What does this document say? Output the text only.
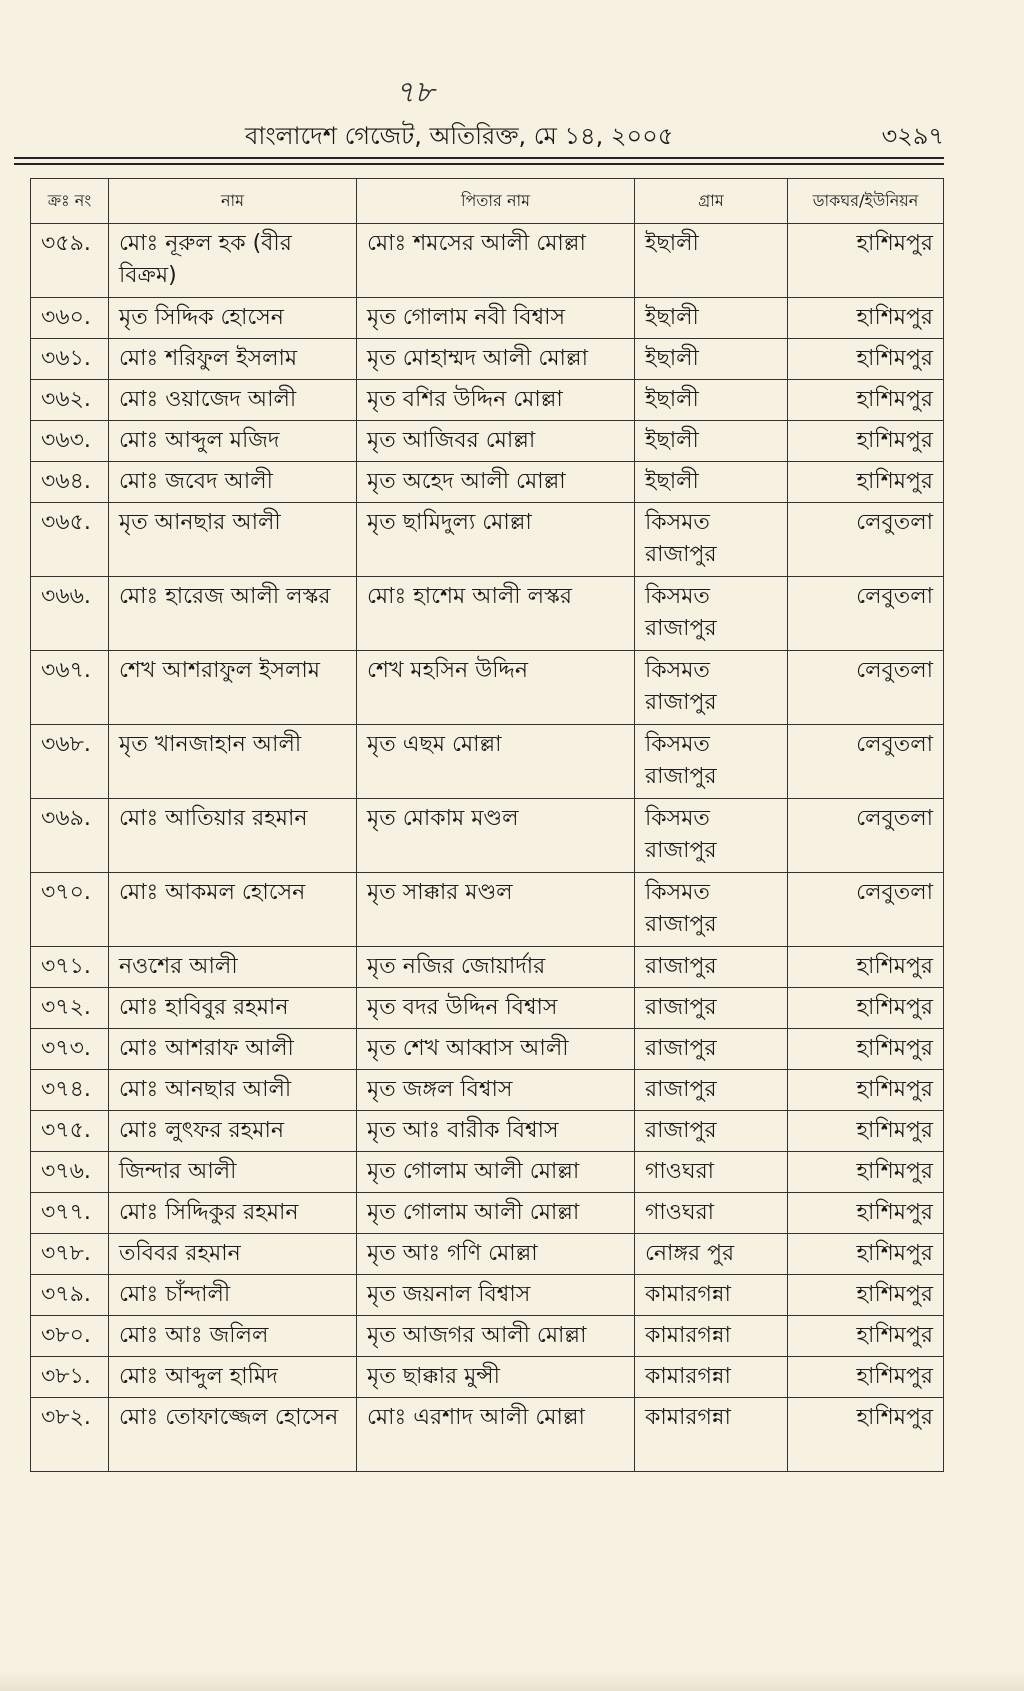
৭৮
বাংলাদেশ গেজেট, অতিরিক্ত, মে ১৪, ২০০৫	৩২৯৭
ক্রঃ নং	নাম	পিতার নাম	গ্রাম	ডাকঘর/ইউনিয়ন
৩৫৯.	মোঃ নূরুল হক (বীর বিক্রম)	মোঃ শমসের আলী মোল্লা	ইছালী	হাশিমপুর
৩৬০.	মৃত সিদ্দিক হোসেন	মৃত গোলাম নবী বিশ্বাস	ইছালী	হাশিমপুর
৩৬১.	মোঃ শরিফুল ইসলাম	মৃত মোহাম্মদ আলী মোল্লা	ইছালী	হাশিমপুর
৩৬২.	মোঃ ওয়াজেদ আলী	মৃত বশির উদ্দিন মোল্লা	ইছালী	হাশিমপুর
৩৬৩.	মোঃ আব্দুল মজিদ	মৃত আজিবর মোল্লা	ইছালী	হাশিমপুর
৩৬৪.	মোঃ জবেদ আলী	মৃত অহেদ আলী মোল্লা	ইছালী	হাশিমপুর
৩৬৫.	মৃত আনছার আলী	মৃত ছামিদুল্য মোল্লা	কিসমত রাজাপুর	লেবুতলা
৩৬৬.	মোঃ হারেজ আলী লস্কর	মোঃ হাশেম আলী লস্কর	কিসমত রাজাপুর	লেবুতলা
৩৬৭.	শেখ আশরাফুল ইসলাম	শেখ মহসিন উদ্দিন	কিসমত রাজাপুর	লেবুতলা
৩৬৮.	মৃত খানজাহান আলী	মৃত এছম মোল্লা	কিসমত রাজাপুর	লেবুতলা
৩৬৯.	মোঃ আতিয়ার রহমান	মৃত মোকাম মণ্ডল	কিসমত রাজাপুর	লেবুতলা
৩৭০.	মোঃ আকমল হোসেন	মৃত সাক্কার মণ্ডল	কিসমত রাজাপুর	লেবুতলা
৩৭১.	নওশের আলী	মৃত নজির জোয়ার্দার	রাজাপুর	হাশিমপুর
৩৭২.	মোঃ হাবিবুর রহমান	মৃত বদর উদ্দিন বিশ্বাস	রাজাপুর	হাশিমপুর
৩৭৩.	মোঃ আশরাফ আলী	মৃত শেখ আব্বাস আলী	রাজাপুর	হাশিমপুর
৩৭৪.	মোঃ আনছার আলী	মৃত জঙ্গল বিশ্বাস	রাজাপুর	হাশিমপুর
৩৭৫.	মোঃ লুৎফর রহমান	মৃত আঃ বারীক বিশ্বাস	রাজাপুর	হাশিমপুর
৩৭৬.	জিন্দার আলী	মৃত গোলাম আলী মোল্লা	গাওঘরা	হাশিমপুর
৩৭৭.	মোঃ সিদ্দিকুর রহমান	মৃত গোলাম আলী মোল্লা	গাওঘরা	হাশিমপুর
৩৭৮.	তবিবর রহমান	মৃত আঃ গণি মোল্লা	নোঙ্গর পুর	হাশিমপুর
৩৭৯.	মোঃ চাঁন্দালী	মৃত জয়নাল বিশ্বাস	কামারগন্না	হাশিমপুর
৩৮০.	মোঃ আঃ জলিল	মৃত আজগর আলী মোল্লা	কামারগন্না	হাশিমপুর
৩৮১.	মোঃ আব্দুল হামিদ	মৃত ছাক্কার মুন্সী	কামারগন্না	হাশিমপুর
৩৮২.	মোঃ তোফাজ্জেল হোসেন	মোঃ এরশাদ আলী মোল্লা	কামারগন্না	হাশিমপুর
